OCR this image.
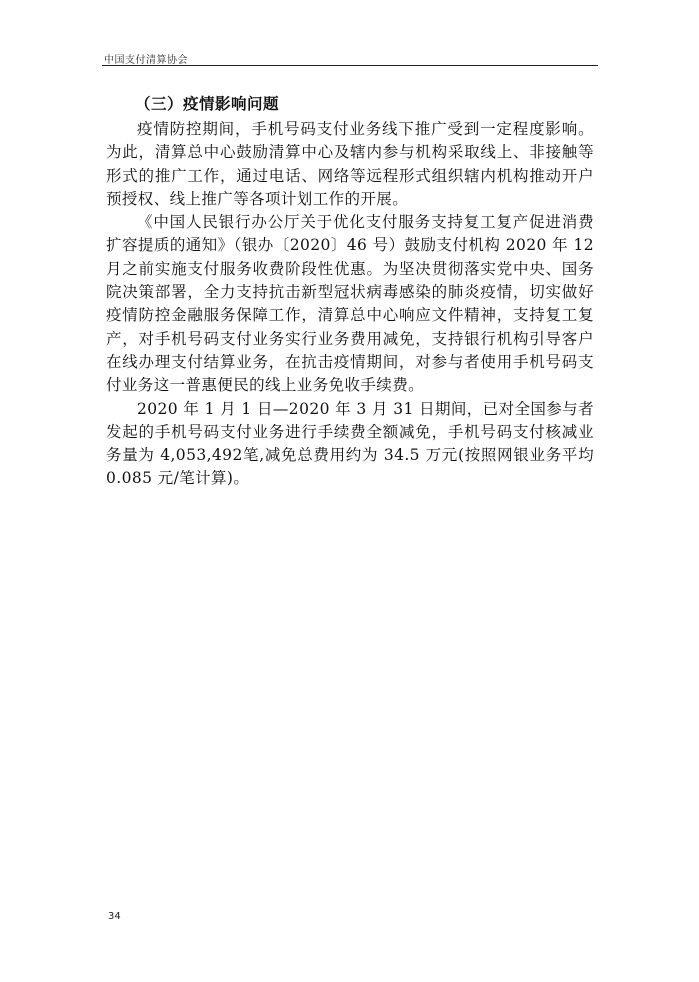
中国支付清算协会
（三）疫情影响问题

疫情防控期间，手机号码支付业务线下推广受到一定程度影响。为此，清算总中心鼓励清算中心及辖内参与机构采取线上、非接触等形式的推广工作，通过电话、网络等远程形式组织辖内机构推动开户预授权、线上推广等各项计划工作的开展。

《中国人民银行办公厅关于优化支付服务支持复工复产促进消费扩容提质的通知》（银办〔2020〕46 号）鼓励支付机构 2020 年 12 月之前实施支付服务收费阶段性优惠。为坚决贯彻落实党中央、国务院决策部署，全力支持抗击新型冠状病毒感染的肺炎疫情，切实做好疫情防控金融服务保障工作，清算总中心响应文件精神，支持复工复产，对手机号码支付业务实行业务费用减免，支持银行机构引导客户在线办理支付结算业务，在抗击疫情期间，对参与者使用手机号码支付业务这一普惠便民的线上业务免收手续费。

2020 年 1 月 1 日—2020 年 3 月 31 日期间，已对全国参与者发起的手机号码支付业务进行手续费全额减免，手机号码支付核减业务量为 4,053,492笔,减免总费用约为 34.5 万元(按照网银业务平均 0.085 元/笔计算)。

34
